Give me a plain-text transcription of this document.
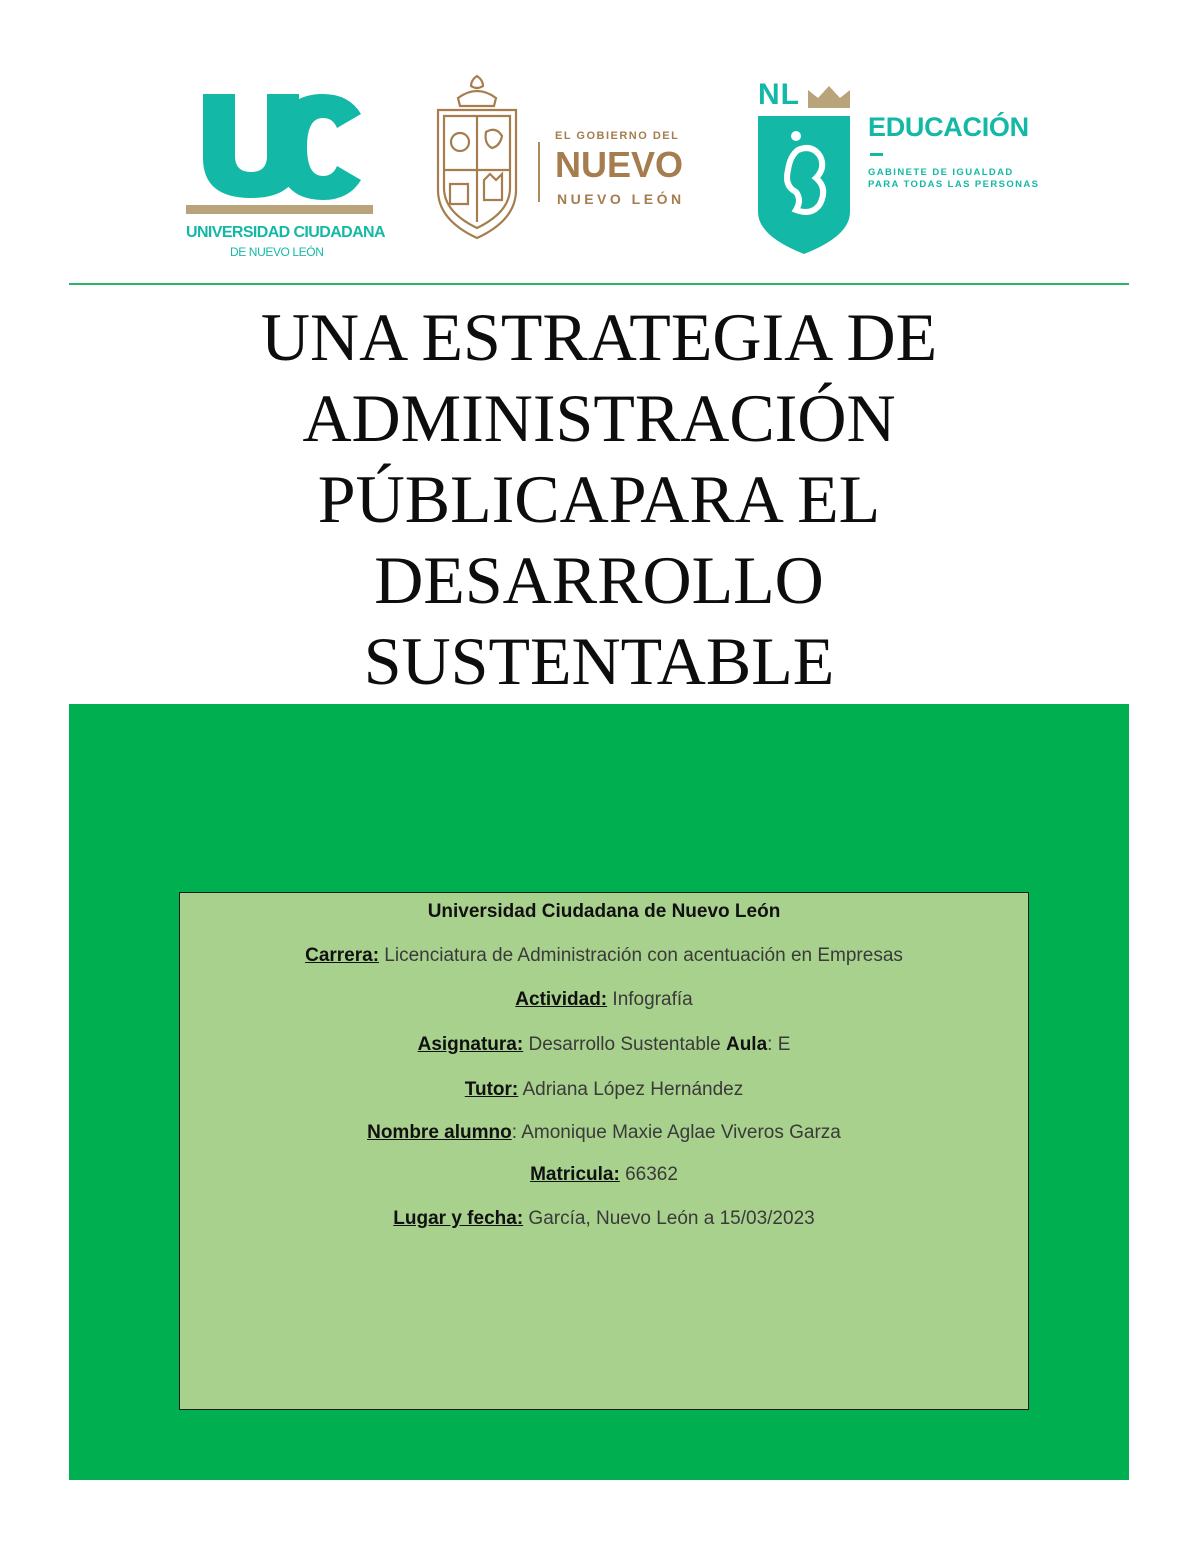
UNIVERSIDAD CIUDADANA
DE NUEVO LEÓN
EL GOBIERNO DEL
NUEVO
NUEVO LEÓN
NL
EDUCACIÓN
GABINETE DE IGUALDAD
PARA TODAS LAS PERSONAS
UNA ESTRATEGIA DE
ADMINISTRACIÓN
PÚBLICAPARA EL
DESARROLLO
SUSTENTABLE
Universidad Ciudadana de Nuevo León
Carrera: Licenciatura de Administración con acentuación en Empresas
Actividad: Infografía
Asignatura: Desarrollo Sustentable Aula: E
Tutor: Adriana López Hernández
Nombre alumno: Amonique Maxie Aglae Viveros Garza
Matricula: 66362
Lugar y fecha: García, Nuevo León a 15/03/2023
